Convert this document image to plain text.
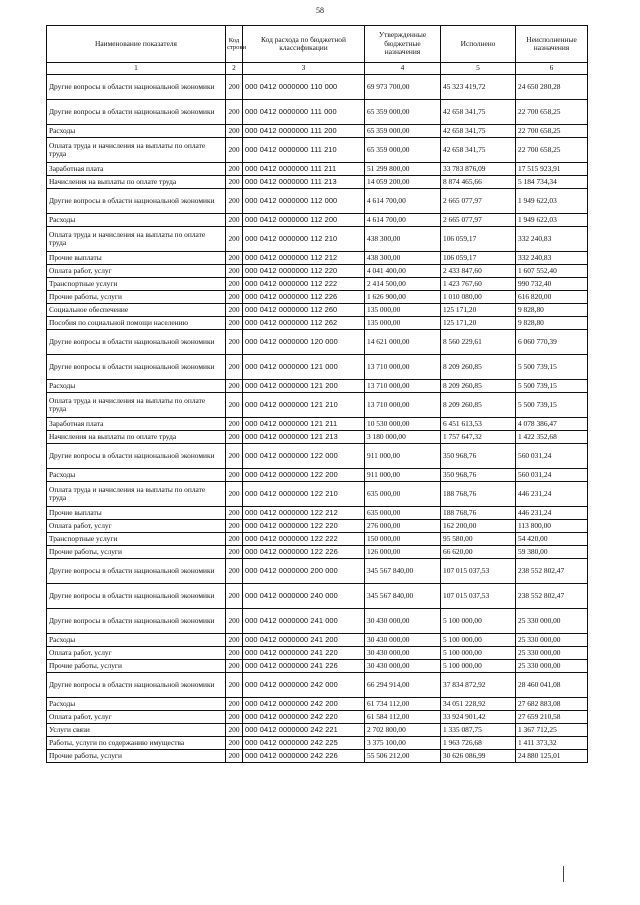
58
Наименование показателя	Код строки	Код расхода по бюджетной классификации	Утвержденные бюджетные назначения	Исполнено	Неисполненные назначения
1	2	3	4	5	6
Другие вопросы в области национальной экономики	200	000 0412 0000000 110 000	69 973 700,00	45 323 419,72	24 650 280,28
Другие вопросы в области национальной экономики	200	000 0412 0000000 111 000	65 359 000,00	42 658 341,75	22 700 658,25
Расходы	200	000 0412 0000000 111 200	65 359 000,00	42 658 341,75	22 700 658,25
Оплата труда и начисления на выплаты по оплате труда	200	000 0412 0000000 111 210	65 359 000,00	42 658 341,75	22 700 658,25
Заработная плата	200	000 0412 0000000 111 211	51 299 800,00	33 783 876,09	17 515 923,91
Начисления на выплаты по оплате труда	200	000 0412 0000000 111 213	14 059 200,00	8 874 465,66	5 184 734,34
Другие вопросы в области национальной экономики	200	000 0412 0000000 112 000	4 614 700,00	2 665 077,97	1 949 622,03
Расходы	200	000 0412 0000000 112 200	4 614 700,00	2 665 077,97	1 949 622,03
Оплата труда и начисления на выплаты по оплате труда	200	000 0412 0000000 112 210	438 300,00	106 059,17	332 240,83
Прочие выплаты	200	000 0412 0000000 112 212	438 300,00	106 059,17	332 240,83
Оплата работ, услуг	200	000 0412 0000000 112 220	4 041 400,00	2 433 847,60	1 607 552,40
Транспортные услуги	200	000 0412 0000000 112 222	2 414 500,00	1 423 767,60	990 732,40
Прочие работы, услуги	200	000 0412 0000000 112 226	1 626 900,00	1 010 080,00	616 820,00
Социальное обеспечение	200	000 0412 0000000 112 260	135 000,00	125 171,20	9 828,80
Пособия по социальной помощи населению	200	000 0412 0000000 112 262	135 000,00	125 171,20	9 828,80
Другие вопросы в области национальной экономики	200	000 0412 0000000 120 000	14 621 000,00	8 560 229,61	6 060 770,39
Другие вопросы в области национальной экономики	200	000 0412 0000000 121 000	13 710 000,00	8 209 260,85	5 500 739,15
Расходы	200	000 0412 0000000 121 200	13 710 000,00	8 209 260,85	5 500 739,15
Оплата труда и начисления на выплаты по оплате труда	200	000 0412 0000000 121 210	13 710 000,00	8 209 260,85	5 500 739,15
Заработная плата	200	000 0412 0000000 121 211	10 530 000,00	6 451 613,53	4 078 386,47
Начисления на выплаты по оплате труда	200	000 0412 0000000 121 213	3 180 000,00	1 757 647,32	1 422 352,68
Другие вопросы в области национальной экономики	200	000 0412 0000000 122 000	911 000,00	350 968,76	560 031,24
Расходы	200	000 0412 0000000 122 200	911 000,00	350 968,76	560 031,24
Оплата труда и начисления на выплаты по оплате труда	200	000 0412 0000000 122 210	635 000,00	188 768,76	446 231,24
Прочие выплаты	200	000 0412 0000000 122 212	635 000,00	188 768,76	446 231,24
Оплата работ, услуг	200	000 0412 0000000 122 220	276 000,00	162 200,00	113 800,00
Транспортные услуги	200	000 0412 0000000 122 222	150 000,00	95 580,00	54 420,00
Прочие работы, услуги	200	000 0412 0000000 122 226	126 000,00	66 620,00	59 380,00
Другие вопросы в области национальной экономики	200	000 0412 0000000 200 000	345 567 840,00	107 015 037,53	238 552 802,47
Другие вопросы в области национальной экономики	200	000 0412 0000000 240 000	345 567 840,00	107 015 037,53	238 552 802,47
Другие вопросы в области национальной экономики	200	000 0412 0000000 241 000	30 430 000,00	5 100 000,00	25 330 000,00
Расходы	200	000 0412 0000000 241 200	30 430 000,00	5 100 000,00	25 330 000,00
Оплата работ, услуг	200	000 0412 0000000 241 220	30 430 000,00	5 100 000,00	25 330 000,00
Прочие работы, услуги	200	000 0412 0000000 241 226	30 430 000,00	5 100 000,00	25 330 000,00
Другие вопросы в области национальной экономики	200	000 0412 0000000 242 000	66 294 914,00	37 834 872,92	28 460 041,08
Расходы	200	000 0412 0000000 242 200	61 734 112,00	34 051 228,92	27 682 883,08
Оплата работ, услуг	200	000 0412 0000000 242 220	61 584 112,00	33 924 901,42	27 659 210,58
Услуги связи	200	000 0412 0000000 242 221	2 702 800,00	1 335 087,75	1 367 712,25
Работы, услуги по содержанию имущества	200	000 0412 0000000 242 225	3 375 100,00	1 963 726,68	1 411 373,32
Прочие работы, услуги	200	000 0412 0000000 242 226	55 506 212,00	30 626 086,99	24 880 125,01
